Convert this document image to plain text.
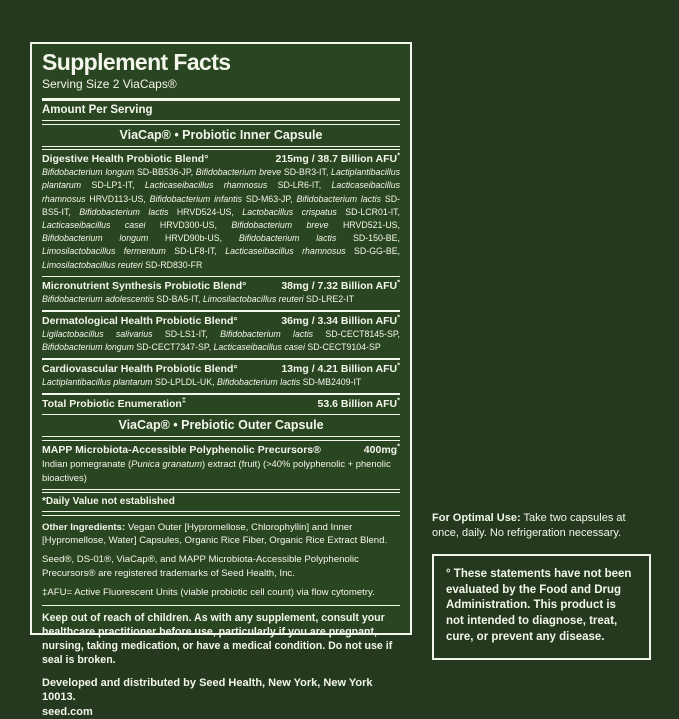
Supplement Facts
Serving Size 2 ViaCaps®
Amount Per Serving
ViaCap® • Probiotic Inner Capsule
Digestive Health Probiotic Blend°	215mg / 38.7 Billion AFU*
Bifidobacterium longum SD-BB536-JP, Bifidobacterium breve SD-BR3-IT, Lactiplantibacillus plantarum SD-LP1-IT, Lacticaseibacillus rhamnosus SD-LR6-IT, Lacticaseibacillus rhamnosus HRVD113-US, Bifidobacterium infantis SD-M63-JP, Bifidobacterium lactis SD-BS5-IT, Bifidobacterium lactis HRVD524-US, Lactobacillus crispatus SD-LCR01-IT, Lacticaseibacillus casei HRVD300-US, Bifidobacterium breve HRVD521-US, Bifidobacterium longum HRVD90b-US, Bifidobacterium lactis SD-150-BE, Limosilactobacillus fermentum SD-LF8-IT, Lacticaseibacillus rhamnosus SD-GG-BE, Limosilactobacillus reuteri SD-RD830-FR
Micronutrient Synthesis Probiotic Blend°	38mg / 7.32 Billion AFU*
Bifidobacterium adolescentis SD-BA5-IT, Limosilactobacillus reuteri SD-LRE2-IT
Dermatological Health Probiotic Blend°	36mg / 3.34 Billion AFU*
Ligilactobacillus salivarius SD-LS1-IT, Bifidobacterium lactis SD-CECT8145-SP, Bifidobacterium longum SD-CECT7347-SP, Lacticaseibacillus casei SD-CECT9104-SP
Cardiovascular Health Probiotic Blend°	13mg / 4.21 Billion AFU*
Lactiplantibacillus plantarum SD-LPLDL-UK, Bifidobacterium lactis SD-MB2409-IT
Total Probiotic Enumeration‡	53.6 Billion AFU*
ViaCap® • Prebiotic Outer Capsule
MAPP Microbiota-Accessible Polyphenolic Precursors®	400mg*
Indian pomegranate (Punica granatum) extract (fruit) (>40% polyphenolic + phenolic bioactives)
*Daily Value not established

Other Ingredients: Vegan Outer [Hypromellose, Chlorophyllin] and Inner [Hypromellose, Water] Capsules, Organic Rice Fiber, Organic Rice Extract Blend.

Seed®, DS-01®, ViaCap®, and MAPP Microbiota-Accessible Polyphenolic Precursors® are registered trademarks of Seed Health, Inc.

‡AFU= Active Fluorescent Units (viable probiotic cell count) via flow cytometry.

Keep out of reach of children. As with any supplement, consult your healthcare practitioner before use, particularly if you are pregnant, nursing, taking medication, or have a medical condition. Do not use if seal is broken.

Developed and distributed by Seed Health, New York, New York 10013.
seed.com

For Optimal Use: Take two capsules at once, daily. No refrigeration necessary.

° These statements have not been evaluated by the Food and Drug Administration. This product is not intended to diagnose, treat, cure, or prevent any disease.
